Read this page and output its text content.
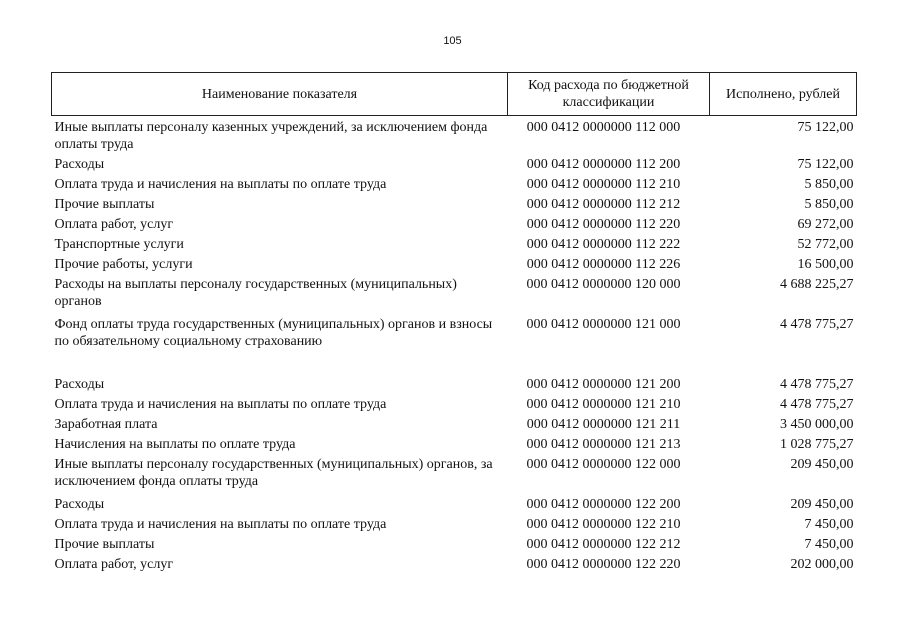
105
Наименование показателя	Код расхода по бюджетной классификации	Исполнено, рублей
Иные выплаты персоналу казенных учреждений, за исключением фонда оплаты труда	000 0412 0000000 112 000	75 122,00
Расходы	000 0412 0000000 112 200	75 122,00
Оплата труда и начисления на выплаты по оплате труда	000 0412 0000000 112 210	5 850,00
Прочие выплаты	000 0412 0000000 112 212	5 850,00
Оплата работ, услуг	000 0412 0000000 112 220	69 272,00
Транспортные услуги	000 0412 0000000 112 222	52 772,00
Прочие работы, услуги	000 0412 0000000 112 226	16 500,00
Расходы на выплаты персоналу государственных (муниципальных) органов	000 0412 0000000 120 000	4 688 225,27
Фонд оплаты труда государственных (муниципальных) органов и взносы по обязательному социальному страхованию	000 0412 0000000 121 000	4 478 775,27
Расходы	000 0412 0000000 121 200	4 478 775,27
Оплата труда и начисления на выплаты по оплате труда	000 0412 0000000 121 210	4 478 775,27
Заработная плата	000 0412 0000000 121 211	3 450 000,00
Начисления на выплаты по оплате труда	000 0412 0000000 121 213	1 028 775,27
Иные выплаты персоналу государственных (муниципальных) органов, за исключением фонда оплаты труда	000 0412 0000000 122 000	209 450,00
Расходы	000 0412 0000000 122 200	209 450,00
Оплата труда и начисления на выплаты по оплате труда	000 0412 0000000 122 210	7 450,00
Прочие выплаты	000 0412 0000000 122 212	7 450,00
Оплата работ, услуг	000 0412 0000000 122 220	202 000,00
